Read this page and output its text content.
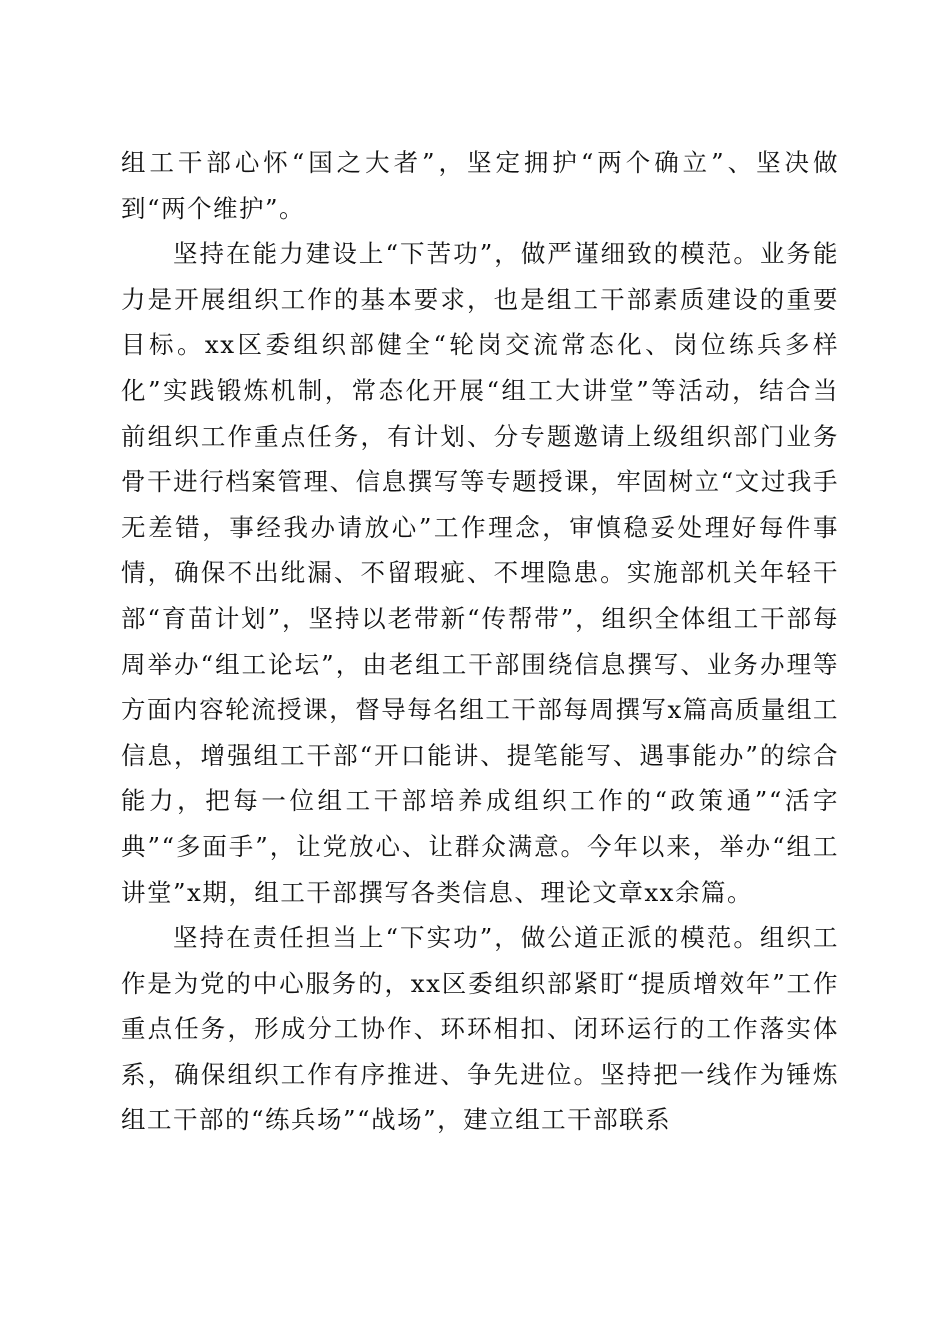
组工干部心怀“国之大者”，坚定拥护“两个确立”、坚决做到“两个维护”。

坚持在能力建设上“下苦功”，做严谨细致的模范。业务能力是开展组织工作的基本要求，也是组工干部素质建设的重要目标。xx区委组织部健全“轮岗交流常态化、岗位练兵多样化”实践锻炼机制，常态化开展“组工大讲堂”等活动，结合当前组织工作重点任务，有计划、分专题邀请上级组织部门业务骨干进行档案管理、信息撰写等专题授课，牢固树立“文过我手无差错，事经我办请放心”工作理念，审慎稳妥处理好每件事情，确保不出纰漏、不留瑕疵、不埋隐患。实施部机关年轻干部“育苗计划”，坚持以老带新“传帮带”，组织全体组工干部每周举办“组工论坛”，由老组工干部围绕信息撰写、业务办理等方面内容轮流授课，督导每名组工干部每周撰写x篇高质量组工信息，增强组工干部“开口能讲、提笔能写、遇事能办”的综合能力，把每一位组工干部培养成组织工作的“政策通”“活字典”“多面手”，让党放心、让群众满意。今年以来，举办“组工讲堂”x期，组工干部撰写各类信息、理论文章xx余篇。

坚持在责任担当上“下实功”，做公道正派的模范。组织工作是为党的中心服务的，xx区委组织部紧盯“提质增效年”工作重点任务，形成分工协作、环环相扣、闭环运行的工作落实体系，确保组织工作有序推进、争先进位。坚持把一线作为锤炼组工干部的“练兵场”“战场”，建立组工干部联系
